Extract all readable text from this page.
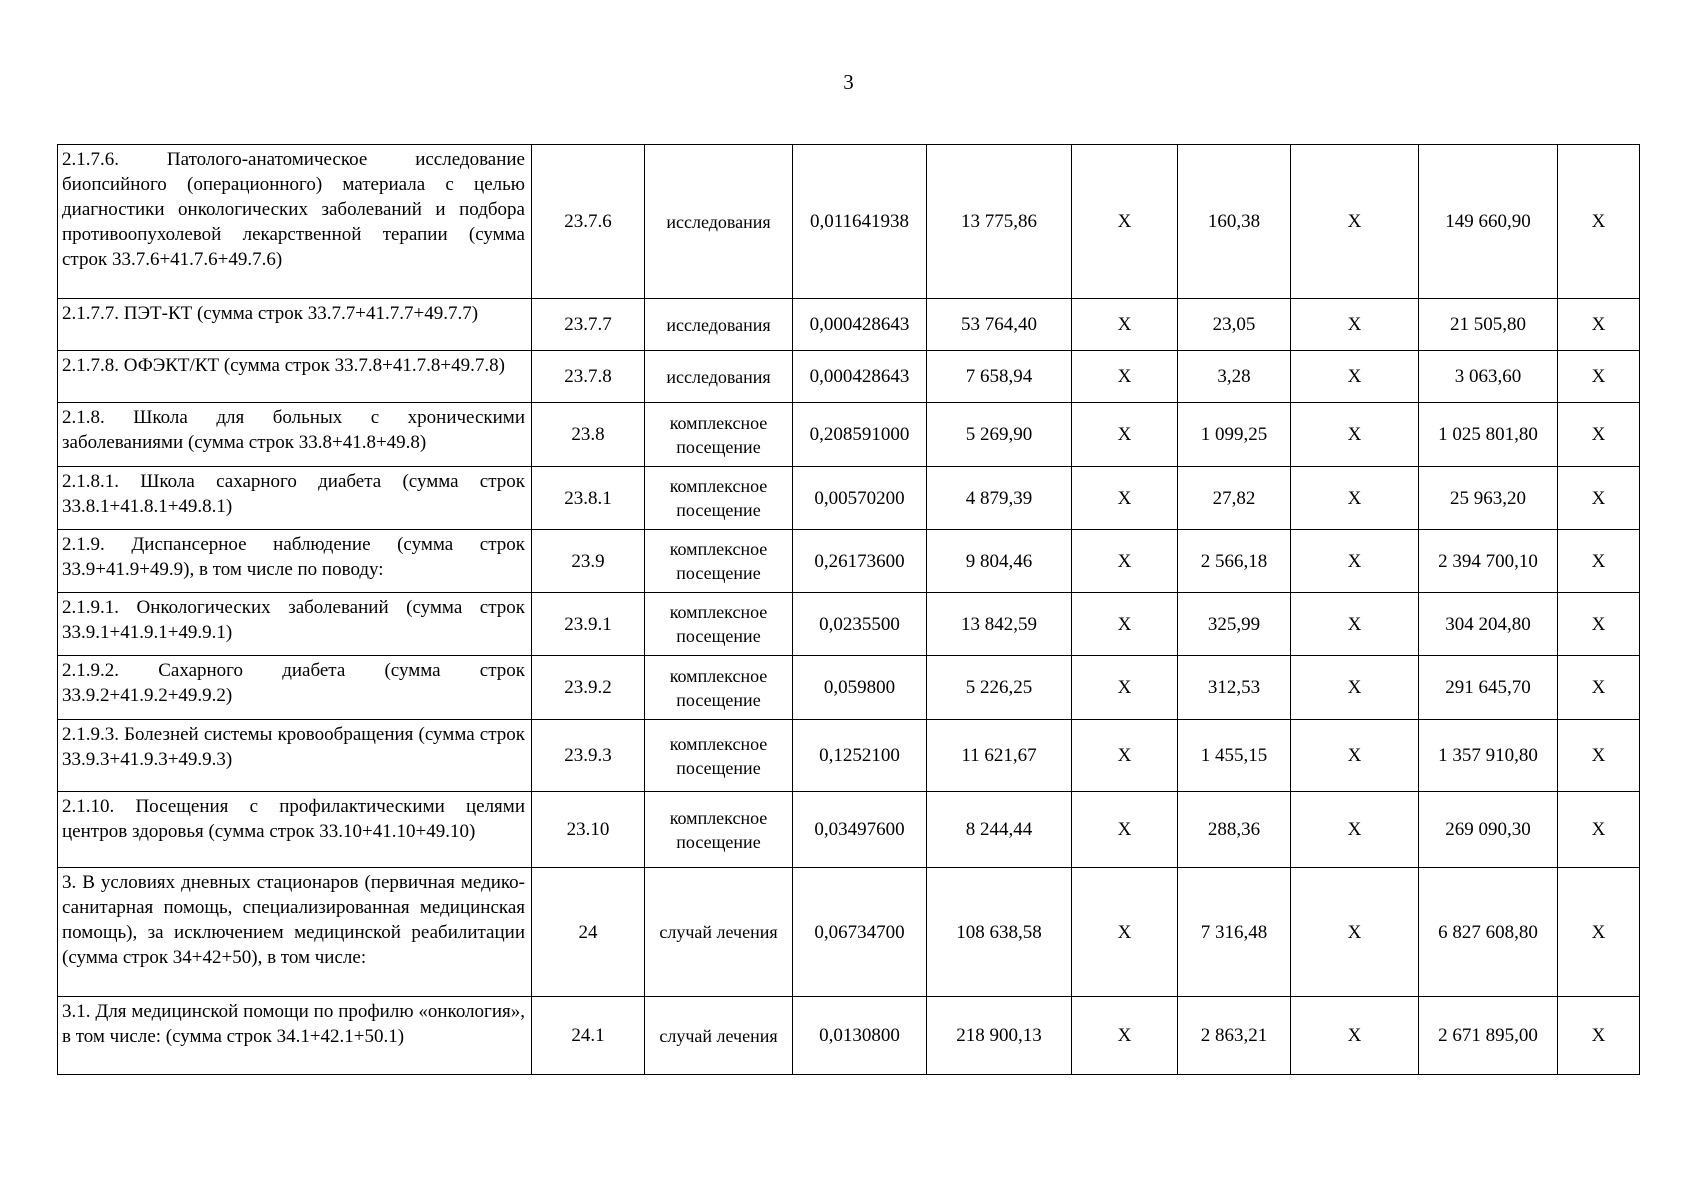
3
2.1.7.6. Патолого-анатомическое исследование биопсийного (операционного) материала с целью диагностики онкологических заболеваний и подбора противоопухолевой лекарственной терапии (сумма строк 33.7.6+41.7.6+49.7.6)	23.7.6	исследования	0,011641938	13 775,86	X	160,38	X	149 660,90	X
2.1.7.7. ПЭТ-КТ (сумма строк 33.7.7+41.7.7+49.7.7)	23.7.7	исследования	0,000428643	53 764,40	X	23,05	X	21 505,80	X
2.1.7.8. ОФЭКТ/КТ (сумма строк 33.7.8+41.7.8+49.7.8)	23.7.8	исследования	0,000428643	7 658,94	X	3,28	X	3 063,60	X
2.1.8. Школа для больных с хроническими заболеваниями (сумма строк 33.8+41.8+49.8)	23.8	комплексное посещение	0,208591000	5 269,90	X	1 099,25	X	1 025 801,80	X
2.1.8.1. Школа сахарного диабета (сумма строк 33.8.1+41.8.1+49.8.1)	23.8.1	комплексное посещение	0,00570200	4 879,39	X	27,82	X	25 963,20	X
2.1.9. Диспансерное наблюдение (сумма строк 33.9+41.9+49.9), в том числе по поводу:	23.9	комплексное посещение	0,26173600	9 804,46	X	2 566,18	X	2 394 700,10	X
2.1.9.1. Онкологических заболеваний (сумма строк 33.9.1+41.9.1+49.9.1)	23.9.1	комплексное посещение	0,0235500	13 842,59	X	325,99	X	304 204,80	X
2.1.9.2. Сахарного диабета (сумма строк 33.9.2+41.9.2+49.9.2)	23.9.2	комплексное посещение	0,059800	5 226,25	X	312,53	X	291 645,70	X
2.1.9.3. Болезней системы кровообращения (сумма строк 33.9.3+41.9.3+49.9.3)	23.9.3	комплексное посещение	0,1252100	11 621,67	X	1 455,15	X	1 357 910,80	X
2.1.10. Посещения с профилактическими целями центров здоровья (сумма строк 33.10+41.10+49.10)	23.10	комплексное посещение	0,03497600	8 244,44	X	288,36	X	269 090,30	X
3. В условиях дневных стационаров (первичная медико-санитарная помощь, специализированная медицинская помощь), за исключением медицинской реабилитации (сумма строк 34+42+50), в том числе:	24	случай лечения	0,06734700	108 638,58	X	7 316,48	X	6 827 608,80	X
3.1. Для медицинской помощи по профилю «онкология», в том числе: (сумма строк 34.1+42.1+50.1)	24.1	случай лечения	0,0130800	218 900,13	X	2 863,21	X	2 671 895,00	X
